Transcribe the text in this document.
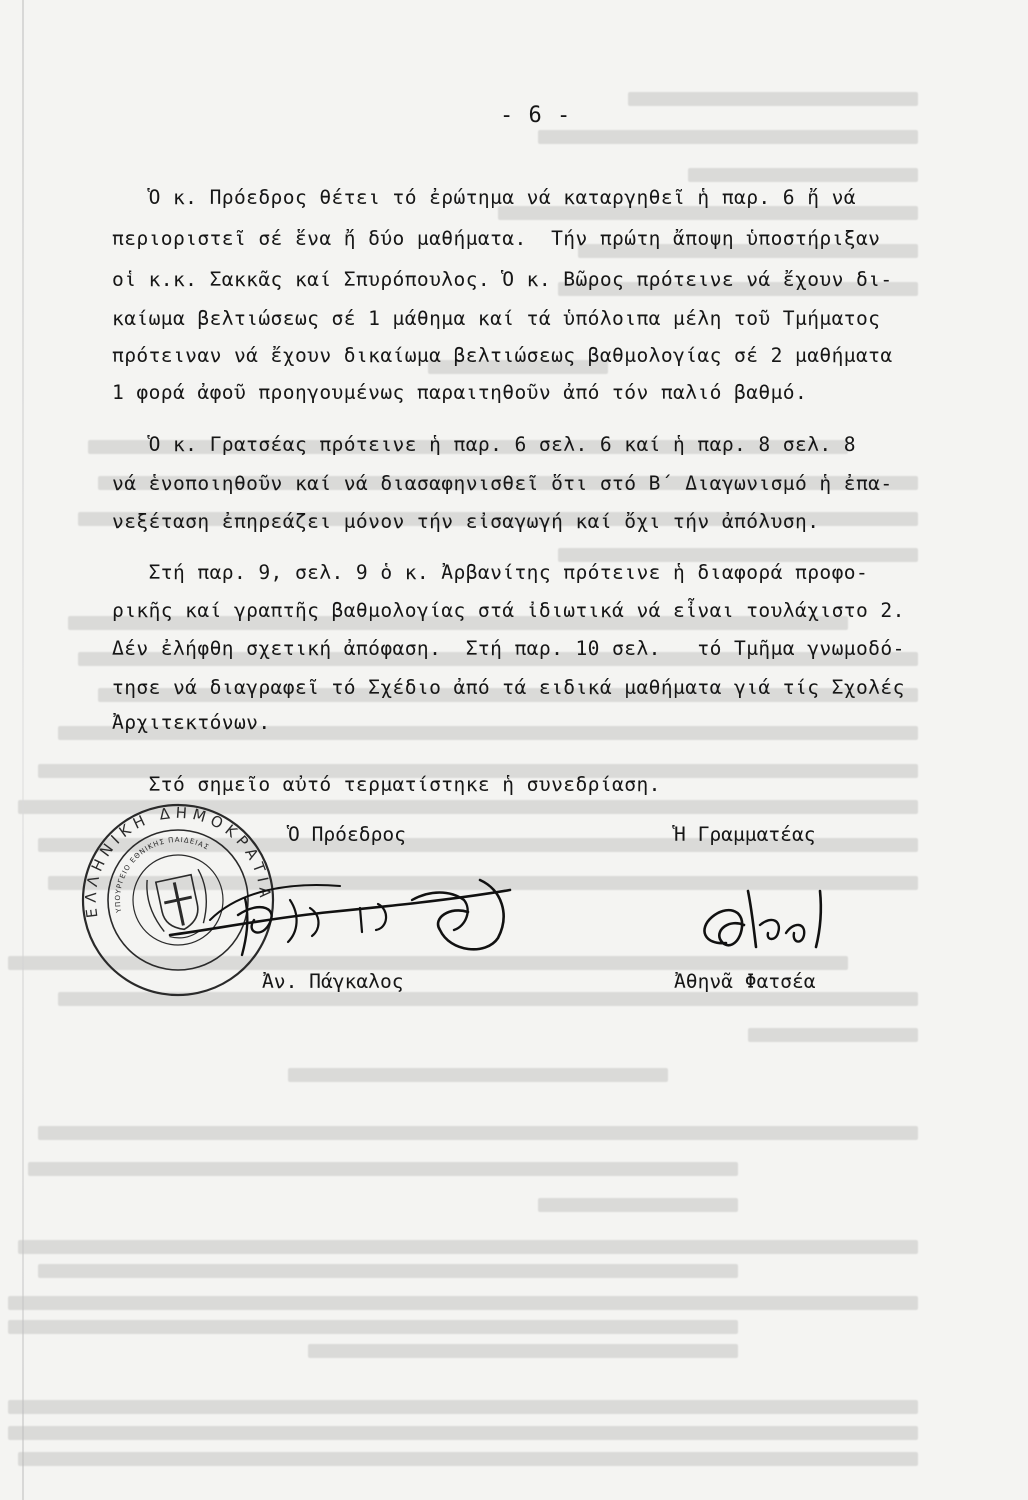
- 6 -
Ὁ κ. Πρόεδρος θέτει τό ἐρώτημα νά καταργηθεῖ ἡ παρ. 6 ἤ νά
περιοριστεῖ σέ ἕνα ἤ δύο μαθήματα.  Τήν πρώτη ἄποψη ὑποστήριξαν
οἱ κ.κ. Σακκᾶς καί Σπυρόπουλος. Ὁ κ. Βῶρος πρότεινε νά ἔχουν δι-
καίωμα βελτιώσεως σέ 1 μάθημα καί τά ὑπόλοιπα μέλη τοῦ Τμήματος
πρότειναν νά ἔχουν δικαίωμα βελτιώσεως βαθμολογίας σέ 2 μαθήματα
1 φορά ἀφοῦ προηγουμένως παραιτηθοῦν ἀπό τόν παλιό βαθμό.
Ὁ κ. Γρατσέας πρότεινε ἡ παρ. 6 σελ. 6 καί ἡ παρ. 8 σελ. 8
νά ἑνοποιηθοῦν καί νά διασαφηνισθεῖ ὅτι στό Β΄ Διαγωνισμό ἡ ἐπα-
νεξέταση ἐπηρεάζει μόνον τήν εἰσαγωγή καί ὄχι τήν ἀπόλυση.
Στή παρ. 9, σελ. 9 ὁ κ. Ἀρβανίτης πρότεινε ἡ διαφορά προφο-
ρικῆς καί γραπτῆς βαθμολογίας στά ἰδιωτικά νά εἶναι τουλάχιστο 2.
Δέν ἐλήφθη σχετική ἀπόφαση.  Στή παρ. 10 σελ.   τό Τμῆμα γνωμοδό-
τησε νά διαγραφεῖ τό Σχέδιο ἀπό τά ειδικά μαθήματα γιά τίς Σχολές
Ἀρχιτεκτόνων.
Στό σημεῖο αὐτό τερματίστηκε ἡ συνεδρίαση.
ΕΛΛΗΝΙΚΗ ΔΗΜΟΚΡΑΤΙΑ
ΥΠΟΥΡΓΕΙΟ ΕΘΝΙΚΗΣ ΠΑΙΔΕΙΑΣ
Ὁ Πρόεδρος	Ἡ Γραμματέας
Ἀν. Πάγκαλος	Ἀθηνᾶ Φατσέα
